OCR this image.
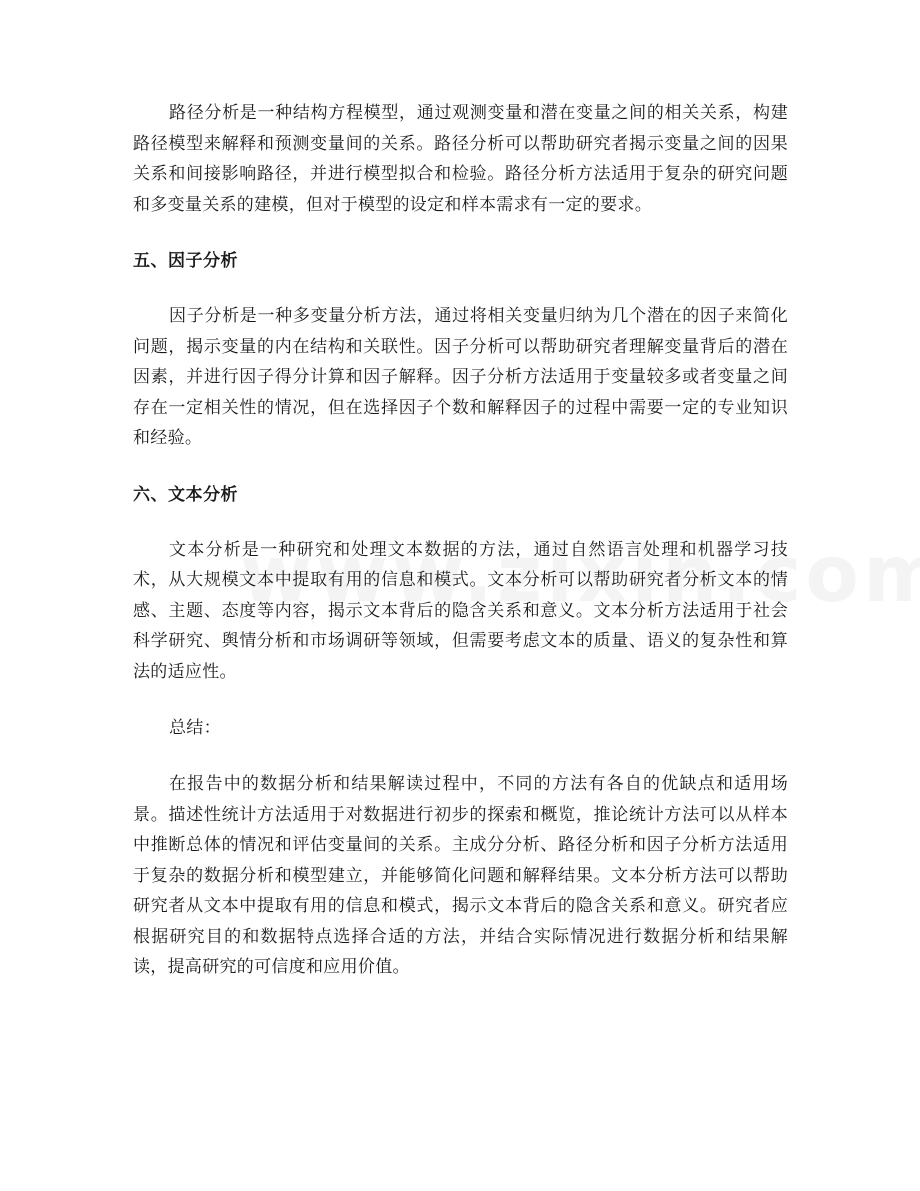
路径分析是一种结构方程模型，通过观测变量和潜在变量之间的相关关系，构建路径模型来解释和预测变量间的关系。路径分析可以帮助研究者揭示变量之间的因果关系和间接影响路径，并进行模型拟合和检验。路径分析方法适用于复杂的研究问题和多变量关系的建模，但对于模型的设定和样本需求有一定的要求。

五、因子分析

因子分析是一种多变量分析方法，通过将相关变量归纳为几个潜在的因子来简化问题，揭示变量的内在结构和关联性。因子分析可以帮助研究者理解变量背后的潜在因素，并进行因子得分计算和因子解释。因子分析方法适用于变量较多或者变量之间存在一定相关性的情况，但在选择因子个数和解释因子的过程中需要一定的专业知识和经验。

六、文本分析

文本分析是一种研究和处理文本数据的方法，通过自然语言处理和机器学习技术，从大规模文本中提取有用的信息和模式。文本分析可以帮助研究者分析文本的情感、主题、态度等内容，揭示文本背后的隐含关系和意义。文本分析方法适用于社会科学研究、舆情分析和市场调研等领域，但需要考虑文本的质量、语义的复杂性和算法的适应性。

总结：

在报告中的数据分析和结果解读过程中，不同的方法有各自的优缺点和适用场景。描述性统计方法适用于对数据进行初步的探索和概览，推论统计方法可以从样本中推断总体的情况和评估变量间的关系。主成分分析、路径分析和因子分析方法适用于复杂的数据分析和模型建立，并能够简化问题和解释结果。文本分析方法可以帮助研究者从文本中提取有用的信息和模式，揭示文本背后的隐含关系和意义。研究者应根据研究目的和数据特点选择合适的方法，并结合实际情况进行数据分析和结果解读，提高研究的可信度和应用价值。
